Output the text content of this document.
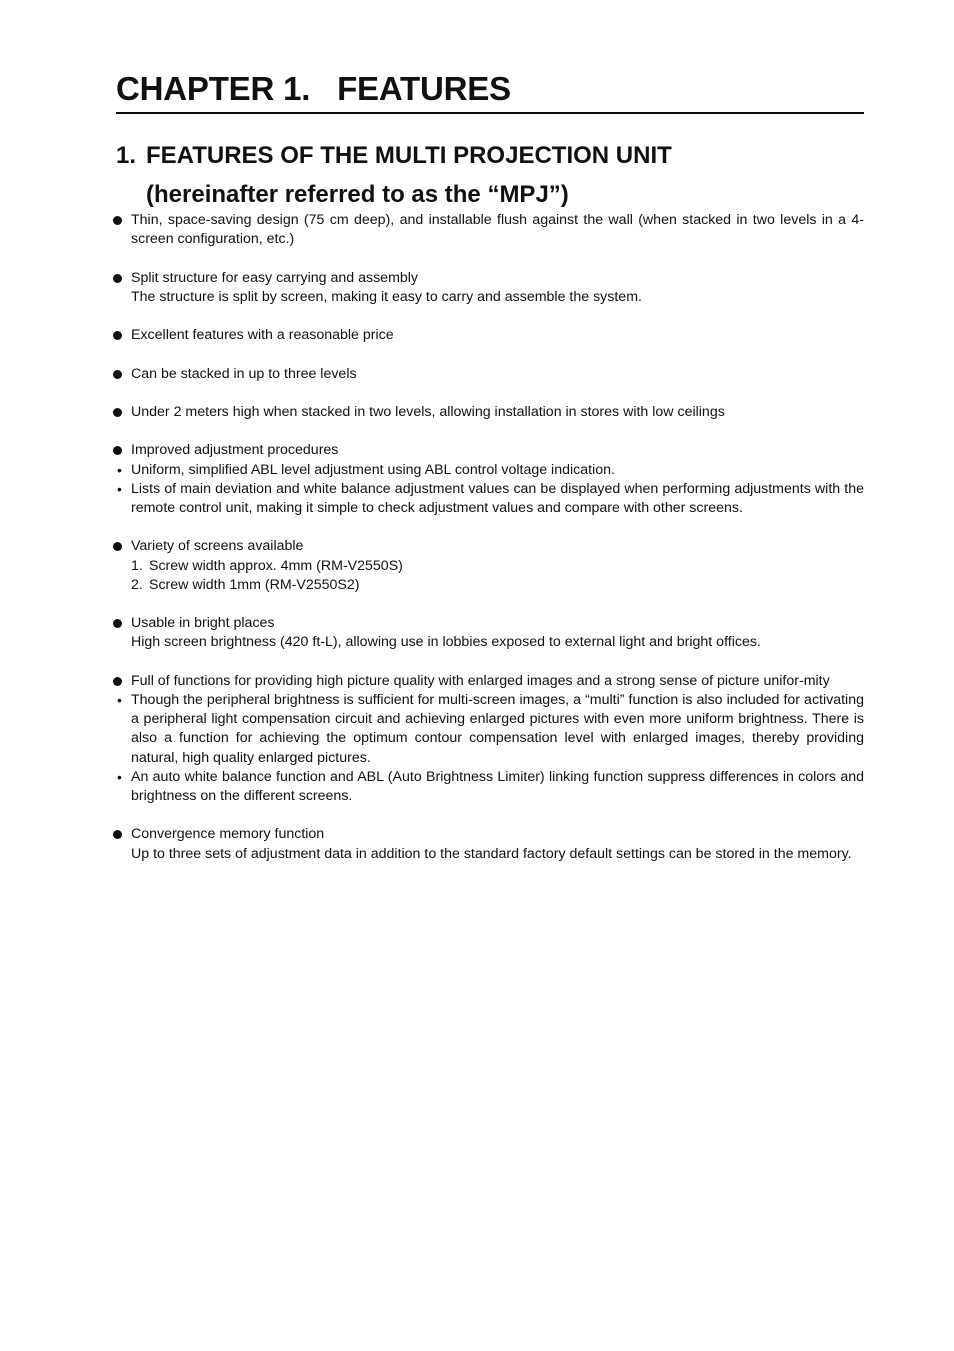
CHAPTER 1.   FEATURES
1. FEATURES OF THE MULTI PROJECTION UNIT
(hereinafter referred to as the “MPJ”)

Thin, space-saving design (75 cm deep), and installable flush against the wall (when stacked in two levels in a 4-screen configuration, etc.)

Split structure for easy carrying and assembly

The structure is split by screen, making it easy to carry and assemble the system.

Excellent features with a reasonable price

Can be stacked in up to three levels

Under 2 meters high when stacked in two levels, allowing installation in stores with low ceilings

Improved adjustment procedures

• Uniform, simplified ABL level adjustment using ABL control voltage indication.

• Lists of main deviation and white balance adjustment values can be displayed when performing adjustments with the remote control unit, making it simple to check adjustment values and compare with other screens.

Variety of screens available

1. Screw width approx. 4mm (RM-V2550S)

2. Screw width 1mm (RM-V2550S2)

Usable in bright places

High screen brightness (420 ft-L), allowing use in lobbies exposed to external light and bright offices.

Full of functions for providing high picture quality with enlarged images and a strong sense of picture unifor-mity

• Though the peripheral brightness is sufficient for multi-screen images, a “multi” function is also included for activating a peripheral light compensation circuit and achieving enlarged pictures with even more uniform brightness. There is also a function for achieving the optimum contour compensation level with enlarged images, thereby providing natural, high quality enlarged pictures.

• An auto white balance function and ABL (Auto Brightness Limiter) linking function suppress differences in colors and brightness on the different screens.

Convergence memory function

Up to three sets of adjustment data in addition to the standard factory default settings can be stored in the memory.
